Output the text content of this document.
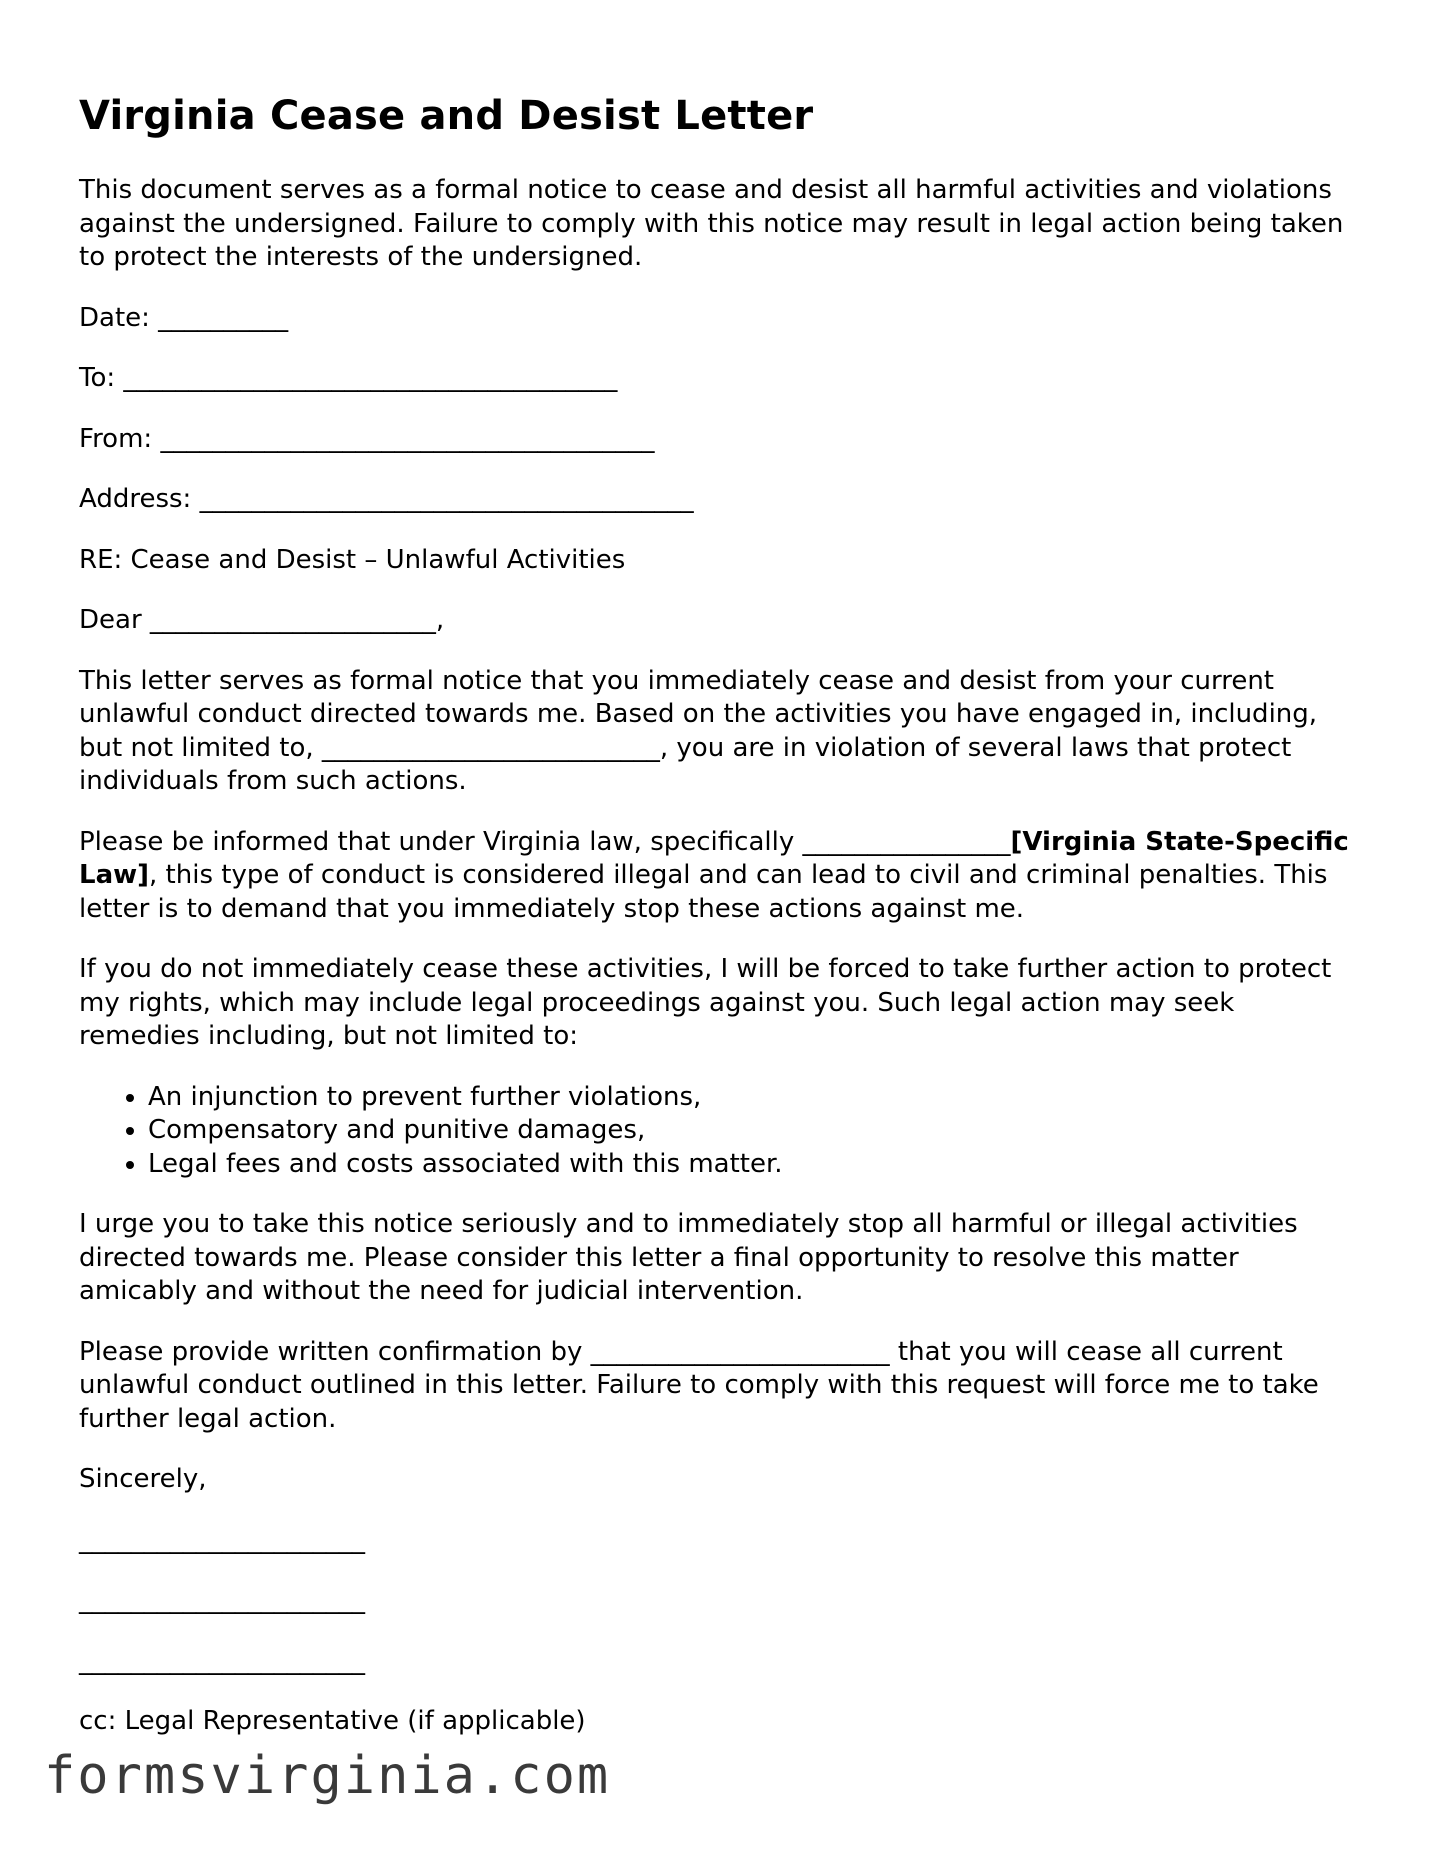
Virginia Cease and Desist Letter

This document serves as a formal notice to cease and desist all harmful activities and violations against the undersigned. Failure to comply with this notice may result in legal action being taken to protect the interests of the undersigned.

Date: __________

To: ______________________________________

From: ______________________________________

Address: ______________________________________

RE: Cease and Desist – Unlawful Activities

Dear ______________________,

This letter serves as formal notice that you immediately cease and desist from your current unlawful conduct directed towards me. Based on the activities you have engaged in, including, but not limited to, __________________________, you are in violation of several laws that protect individuals from such actions.

Please be informed that under Virginia law, specifically ________________[Virginia State-Specific Law], this type of conduct is considered illegal and can lead to civil and criminal penalties. This letter is to demand that you immediately stop these actions against me.

If you do not immediately cease these activities, I will be forced to take further action to protect my rights, which may include legal proceedings against you. Such legal action may seek remedies including, but not limited to:

• An injunction to prevent further violations,
• Compensatory and punitive damages,
• Legal fees and costs associated with this matter.

I urge you to take this notice seriously and to immediately stop all harmful or illegal activities directed towards me. Please consider this letter a final opportunity to resolve this matter amicably and without the need for judicial intervention.

Please provide written confirmation by _______________________ that you will cease all current unlawful conduct outlined in this letter. Failure to comply with this request will force me to take further legal action.

Sincerely,

______________________
______________________
______________________

cc: Legal Representative (if applicable)

formsvirginia.com
